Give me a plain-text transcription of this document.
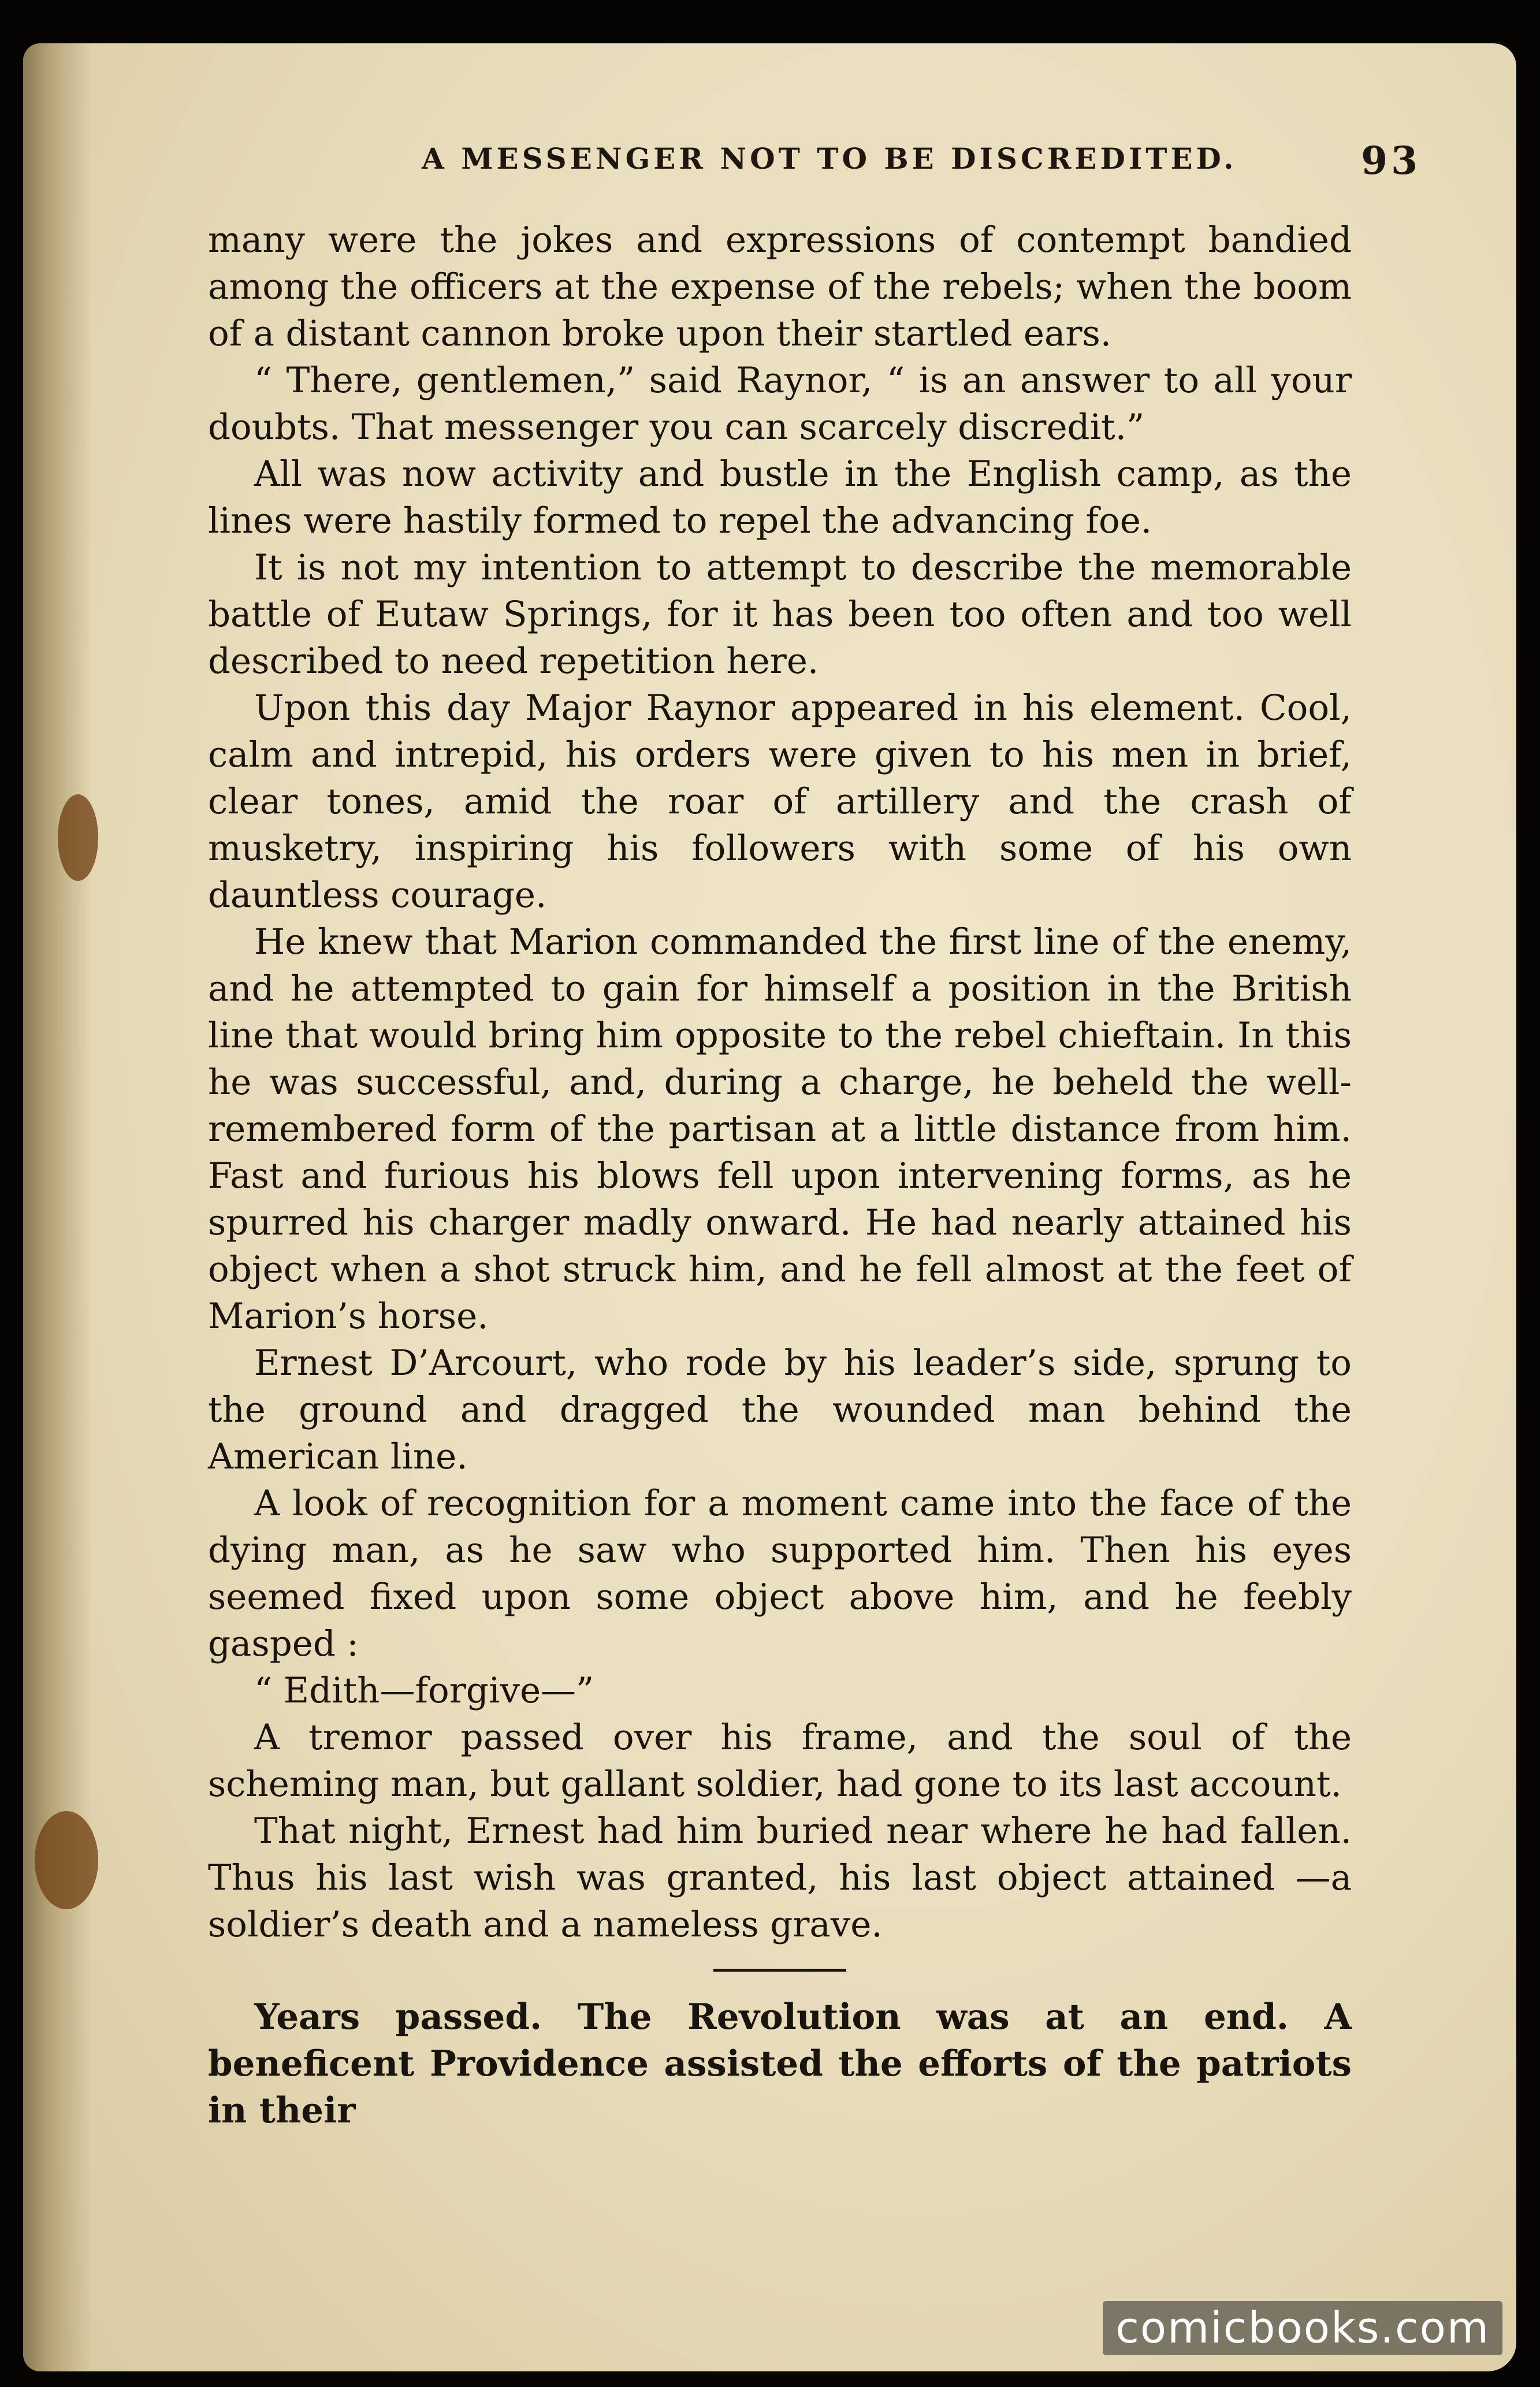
A MESSENGER NOT TO BE DISCREDITED.	93

many were the jokes and expressions of contempt bandied among the officers at the expense of the rebels; when the boom of a distant cannon broke upon their startled ears.

“ There, gentlemen,” said Raynor, “ is an answer to all your doubts. That messenger you can scarcely discredit.”

All was now activity and bustle in the English camp, as the lines were hastily formed to repel the advancing foe.

It is not my intention to attempt to describe the memorable battle of Eutaw Springs, for it has been too often and too well described to need repetition here.

Upon this day Major Raynor appeared in his element. Cool, calm and intrepid, his orders were given to his men in brief, clear tones, amid the roar of artillery and the crash of musketry, inspiring his followers with some of his own dauntless courage.

He knew that Marion commanded the first line of the enemy, and he attempted to gain for himself a position in the British line that would bring him opposite to the rebel chieftain. In this he was successful, and, during a charge, he beheld the well-remembered form of the partisan at a little distance from him. Fast and furious his blows fell upon intervening forms, as he spurred his charger madly onward. He had nearly attained his object when a shot struck him, and he fell almost at the feet of Marion’s horse.

Ernest D’Arcourt, who rode by his leader’s side, sprung to the ground and dragged the wounded man behind the American line.

A look of recognition for a moment came into the face of the dying man, as he saw who supported him. Then his eyes seemed fixed upon some object above him, and he feebly gasped :

“ Edith—forgive—”

A tremor passed over his frame, and the soul of the scheming man, but gallant soldier, had gone to its last account.

That night, Ernest had him buried near where he had fallen. Thus his last wish was granted, his last object attained —a soldier’s death and a nameless grave.

Years passed. The Revolution was at an end. A beneficent Providence assisted the efforts of the patriots in their

comicbooks.com
